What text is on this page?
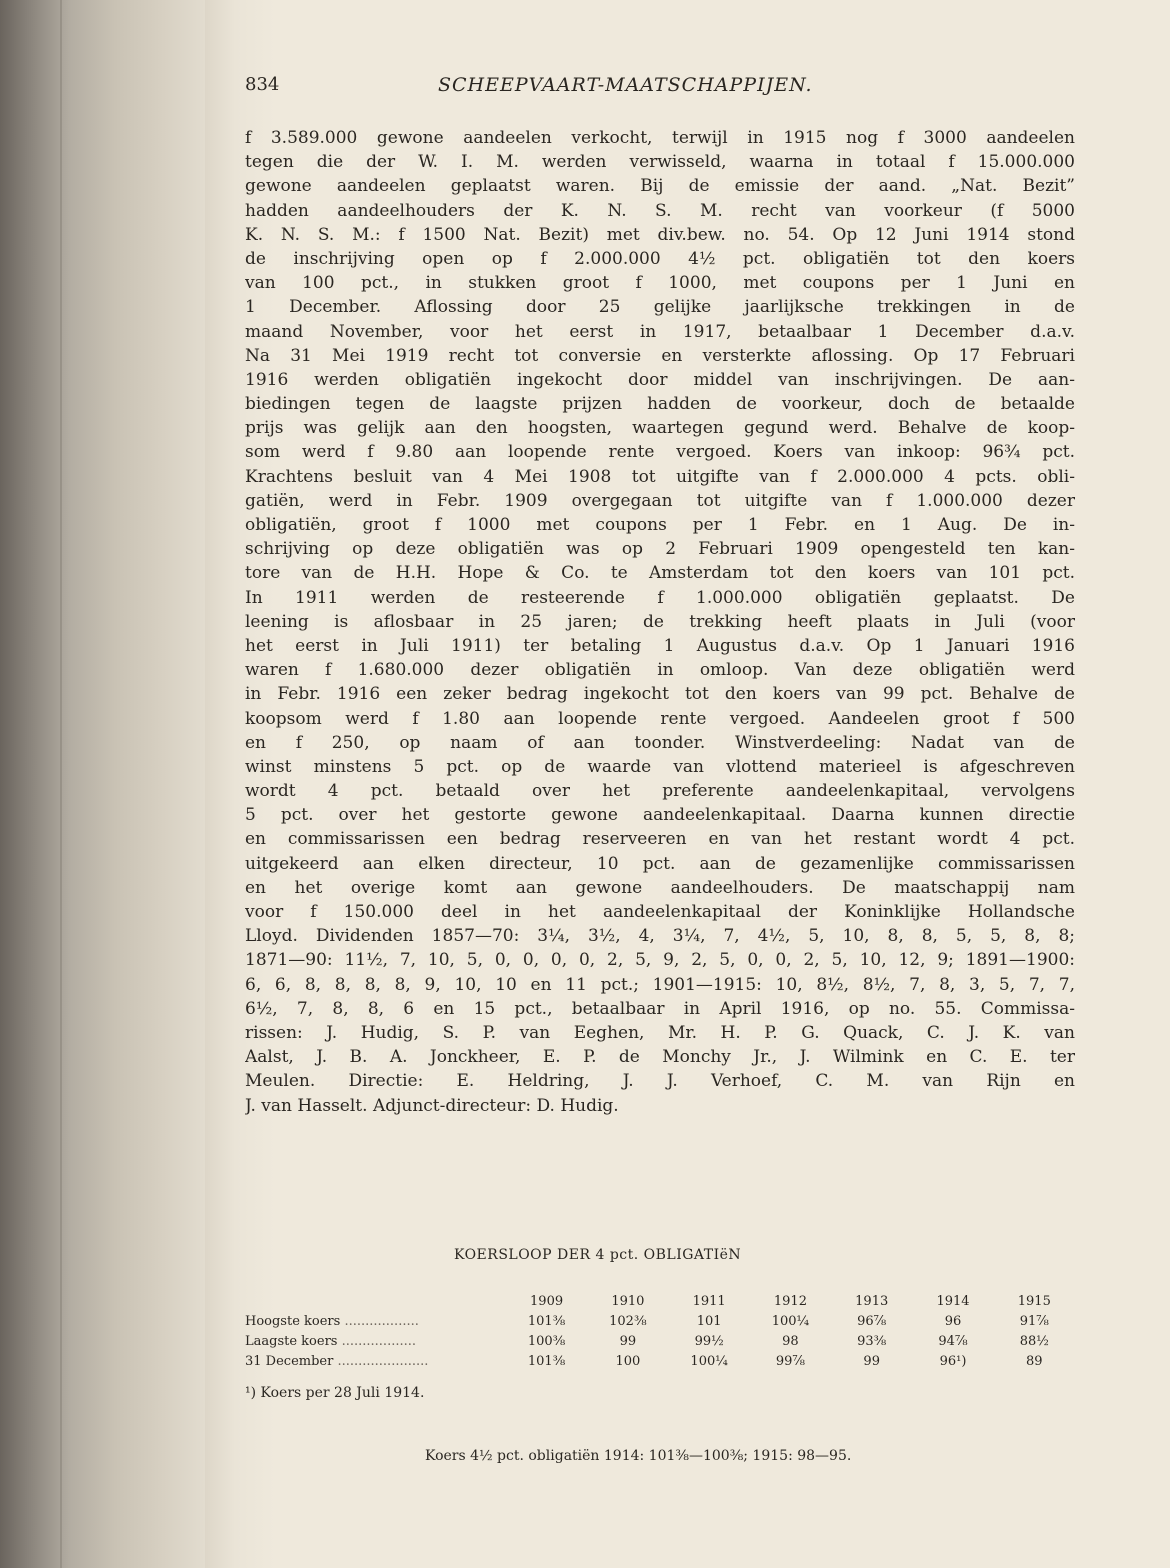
834	SCHEEPVAART-MAATSCHAPPIJEN.
f 3.589.000 gewone aandeelen verkocht, terwijl in 1915 nog f 3000 aandeelen
tegen die der W. I. M. werden verwisseld, waarna in totaal f 15.000.000
gewone aandeelen geplaatst waren. Bij de emissie der aand. „Nat. Bezit”
hadden aandeelhouders der K. N. S. M. recht van voorkeur (f 5000
K. N. S. M.: f 1500 Nat. Bezit) met div.bew. no. 54. Op 12 Juni 1914 stond
de inschrijving open op f 2.000.000 4½ pct. obligatiën tot den koers
van 100 pct., in stukken groot f 1000, met coupons per 1 Juni en
1 December. Aflossing door 25 gelijke jaarlijksche trekkingen in de
maand November, voor het eerst in 1917, betaalbaar 1 December d.a.v.
Na 31 Mei 1919 recht tot conversie en versterkte aflossing. Op 17 Februari
1916 werden obligatiën ingekocht door middel van inschrijvingen. De aan-
biedingen tegen de laagste prijzen hadden de voorkeur, doch de betaalde
prijs was gelijk aan den hoogsten, waartegen gegund werd. Behalve de koop-
som werd f 9.80 aan loopende rente vergoed. Koers van inkoop: 96¾ pct.
Krachtens besluit van 4 Mei 1908 tot uitgifte van f 2.000.000 4 pcts. obli-
gatiën, werd in Febr. 1909 overgegaan tot uitgifte van f 1.000.000 dezer
obligatiën, groot f 1000 met coupons per 1 Febr. en 1 Aug. De in-
schrijving op deze obligatiën was op 2 Februari 1909 opengesteld ten kan-
tore van de H.H. Hope & Co. te Amsterdam tot den koers van 101 pct.
In 1911 werden de resteerende f 1.000.000 obligatiën geplaatst. De
leening is aflosbaar in 25 jaren; de trekking heeft plaats in Juli (voor
het eerst in Juli 1911) ter betaling 1 Augustus d.a.v. Op 1 Januari 1916
waren f 1.680.000 dezer obligatiën in omloop. Van deze obligatiën werd
in Febr. 1916 een zeker bedrag ingekocht tot den koers van 99 pct. Behalve de
koopsom werd f 1.80 aan loopende rente vergoed. Aandeelen groot f 500
en f 250, op naam of aan toonder. Winstverdeeling: Nadat van de
winst minstens 5 pct. op de waarde van vlottend materieel is afgeschreven
wordt 4 pct. betaald over het preferente aandeelenkapitaal, vervolgens
5 pct. over het gestorte gewone aandeelenkapitaal. Daarna kunnen directie
en commissarissen een bedrag reserveeren en van het restant wordt 4 pct.
uitgekeerd aan elken directeur, 10 pct. aan de gezamenlijke commissarissen
en het overige komt aan gewone aandeelhouders. De maatschappij nam
voor f 150.000 deel in het aandeelenkapitaal der Koninklijke Hollandsche
Lloyd. Dividenden 1857—70: 3¼, 3½, 4, 3¼, 7, 4½, 5, 10, 8, 8, 5, 5, 8, 8;
1871—90: 11½, 7, 10, 5, 0, 0, 0, 0, 2, 5, 9, 2, 5, 0, 0, 2, 5, 10, 12, 9; 1891—1900:
6, 6, 8, 8, 8, 8, 9, 10, 10 en 11 pct.; 1901—1915: 10, 8½, 8½, 7, 8, 3, 5, 7, 7,
6½, 7, 8, 8, 6 en 15 pct., betaalbaar in April 1916, op no. 55. Commissa-
rissen: J. Hudig, S. P. van Eeghen, Mr. H. P. G. Quack, C. J. K. van
Aalst, J. B. A. Jonckheer, E. P. de Monchy Jr., J. Wilmink en C. E. ter
Meulen. Directie: E. Heldring, J. J. Verhoef, C. M. van Rijn en
J. van Hasselt. Adjunct-directeur: D. Hudig.
KOERSLOOP DER 4 pct. OBLIGATIëN
	1909	1910	1911	1912	1913	1914	1915
Hoogste koers ..................	101⅜	102⅜	101	100¼	96⅞	96	91⅞
Laagste koers ..................	100⅜	99	99½	98	93⅜	94⅞	88½
31 December ......................	101⅜	100	100¼	99⅞	99	96¹)	89
¹) Koers per 28 Juli 1914.
Koers 4½ pct. obligatiën 1914: 101⅜—100⅜; 1915: 98—95.
